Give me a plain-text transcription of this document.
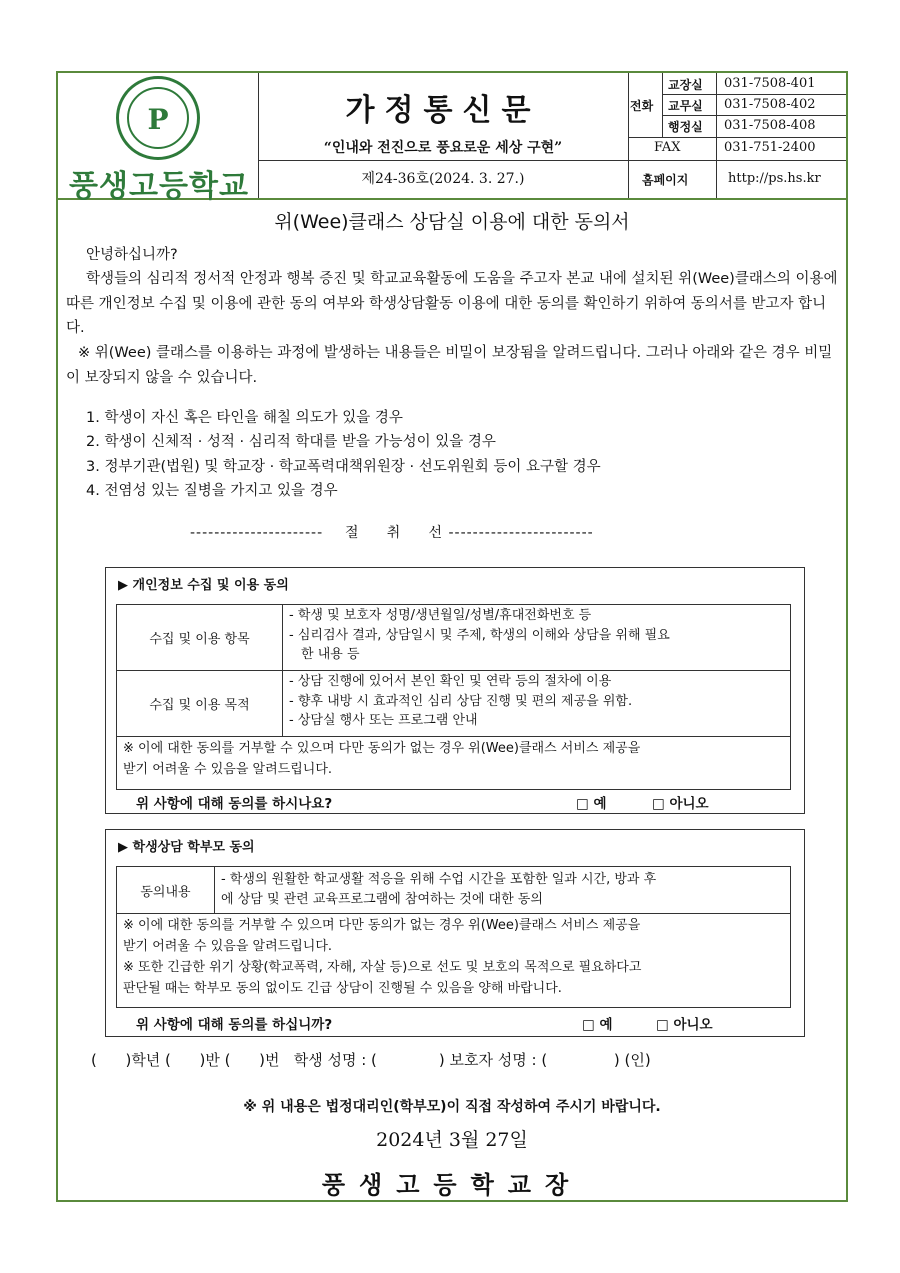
P
풍생고등학교
가정통신문
“인내와 전진으로 풍요로운 세상 구현”
제24-36호(2024. 3. 27.)
전화
교장실 031-7508-401
교무실 031-7508-402
행정실 031-7508-408
FAX	031-751-2400
홈페이지	http://ps.hs.kr
위(Wee)클래스 상담실 이용에 대한 동의서
안녕하십니까?
학생들의 심리적 정서적 안정과 행복 증진 및 학교교육활동에 도움을 주고자 본교 내에 설치된 위(Wee)클래스의 이용에 따른 개인정보 수집 및 이용에 관한 동의 여부와 학생상담활동 이용에 대한 동의를 확인하기 위하여 동의서를 받고자 합니다.
※ 위(Wee) 클래스를 이용하는 과정에 발생하는 내용들은 비밀이 보장됨을 알려드립니다. 그러나 아래와 같은 경우 비밀이 보장되지 않을 수 있습니다.
1. 학생이 자신 혹은 타인을 해칠 의도가 있을 경우
2. 학생이 신체적 · 성적 · 심리적 학대를 받을 가능성이 있을 경우
3. 정부기관(법원) 및 학교장 · 학교폭력대책위원장 · 선도위원회 등이 요구할 경우
4. 전염성 있는 질병을 가지고 있을 경우
----------------------    절     취     선 ------------------------
▶ 개인정보 수집 및 이용 동의
수집 및 이용 항목
- 학생 및 보호자 성명/생년월일/성별/휴대전화번호 등
- 심리검사 결과, 상담일시 및 주제, 학생의 이해와 상담을 위해 필요
한 내용 등
수집 및 이용 목적
- 상담 진행에 있어서 본인 확인 및 연락 등의 절차에 이용
- 향후 내방 시 효과적인 심리 상담 진행 및 편의 제공을 위함.
- 상담실 행사 또는 프로그램 안내
※ 이에 대한 동의를 거부할 수 있으며 다만 동의가 없는 경우 위(Wee)클래스 서비스 제공을
받기 어려울 수 있음을 알려드립니다.
위 사항에 대해 동의를 하시나요?	□ 예	□ 아니오
▶ 학생상담 학부모 동의
동의내용
- 학생의 원활한 학교생활 적응을 위해 수업 시간을 포함한 일과 시간, 방과 후
에 상담 및 관련 교육프로그램에 참여하는 것에 대한 동의
※ 이에 대한 동의를 거부할 수 있으며 다만 동의가 없는 경우 위(Wee)클래스 서비스 제공을
받기 어려울 수 있음을 알려드립니다.
※ 또한 긴급한 위기 상황(학교폭력, 자해, 자살 등)으로 선도 및 보호의 목적으로 필요하다고
판단될 때는 학부모 동의 없이도 긴급 상담이 진행될 수 있음을 양해 바랍니다.
위 사항에 대해 동의를 하십니까?	□ 예	□ 아니오
(      )학년 (      )반 (      )번   학생 성명 : (             ) 보호자 성명 : (              ) (인)
※ 위 내용은 법정대리인(학부모)이 직접 작성하여 주시기 바랍니다.
2024년 3월 27일
풍생고등학교장
